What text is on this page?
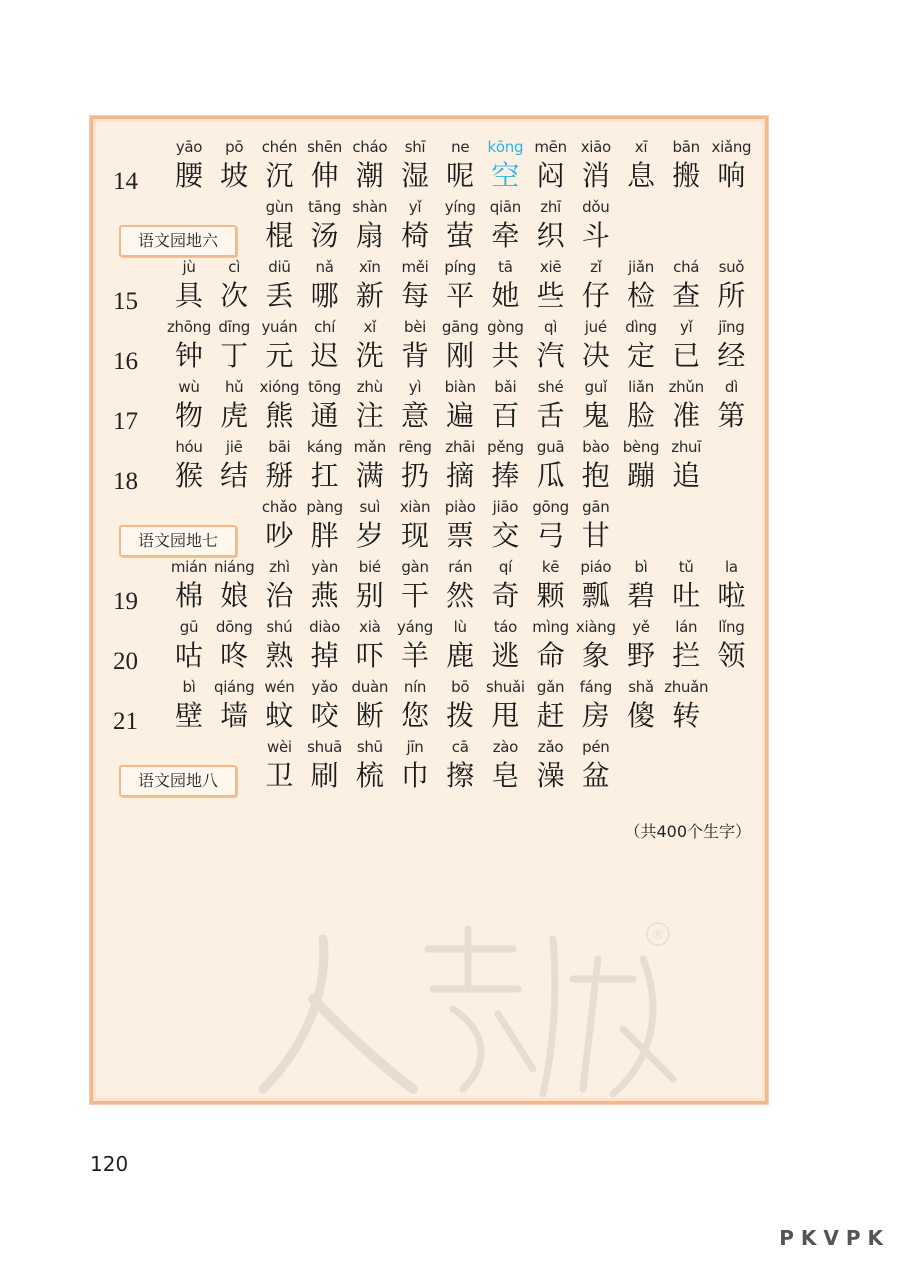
14
yāo
腰
pō
坡
chén
沉
shēn
伸
cháo
潮
shī
湿
ne
呢
kōng
空
mēn
闷
xiāo
消
xī
息
bān
搬
xiǎng
响
语文园地六
gùn
棍
tāng
汤
shàn
扇
yǐ
椅
yíng
萤
qiān
牵
zhī
织
dǒu
斗
15
jù
具
cì
次
diū
丢
nǎ
哪
xīn
新
měi
每
píng
平
tā
她
xiē
些
zǐ
仔
jiǎn
检
chá
查
suǒ
所
16
zhōng
钟
dīng
丁
yuán
元
chí
迟
xǐ
洗
bèi
背
gāng
刚
gòng
共
qì
汽
jué
决
dìng
定
yǐ
已
jīng
经
17
wù
物
hǔ
虎
xióng
熊
tōng
通
zhù
注
yì
意
biàn
遍
bǎi
百
shé
舌
guǐ
鬼
liǎn
脸
zhǔn
准
dì
第
18
hóu
猴
jiē
结
bāi
掰
káng
扛
mǎn
满
rēng
扔
zhāi
摘
pěng
捧
guā
瓜
bào
抱
bèng
蹦
zhuī
追
语文园地七
chǎo
吵
pàng
胖
suì
岁
xiàn
现
piào
票
jiāo
交
gōng
弓
gān
甘
19
mián
棉
niáng
娘
zhì
治
yàn
燕
bié
别
gàn
干
rán
然
qí
奇
kē
颗
piáo
瓢
bì
碧
tǔ
吐
la
啦
20
gū
咕
dōng
咚
shú
熟
diào
掉
xià
吓
yáng
羊
lù
鹿
táo
逃
mìng
命
xiàng
象
yě
野
lán
拦
lǐng
领
21
bì
壁
qiáng
墙
wén
蚊
yǎo
咬
duàn
断
nín
您
bō
拨
shuǎi
甩
gǎn
赶
fáng
房
shǎ
傻
zhuǎn
转
语文园地八
wèi
卫
shuā
刷
shū
梳
jīn
巾
cā
擦
zào
皂
zǎo
澡
pén
盆
（共400个生字）
®
120
PKVPK
